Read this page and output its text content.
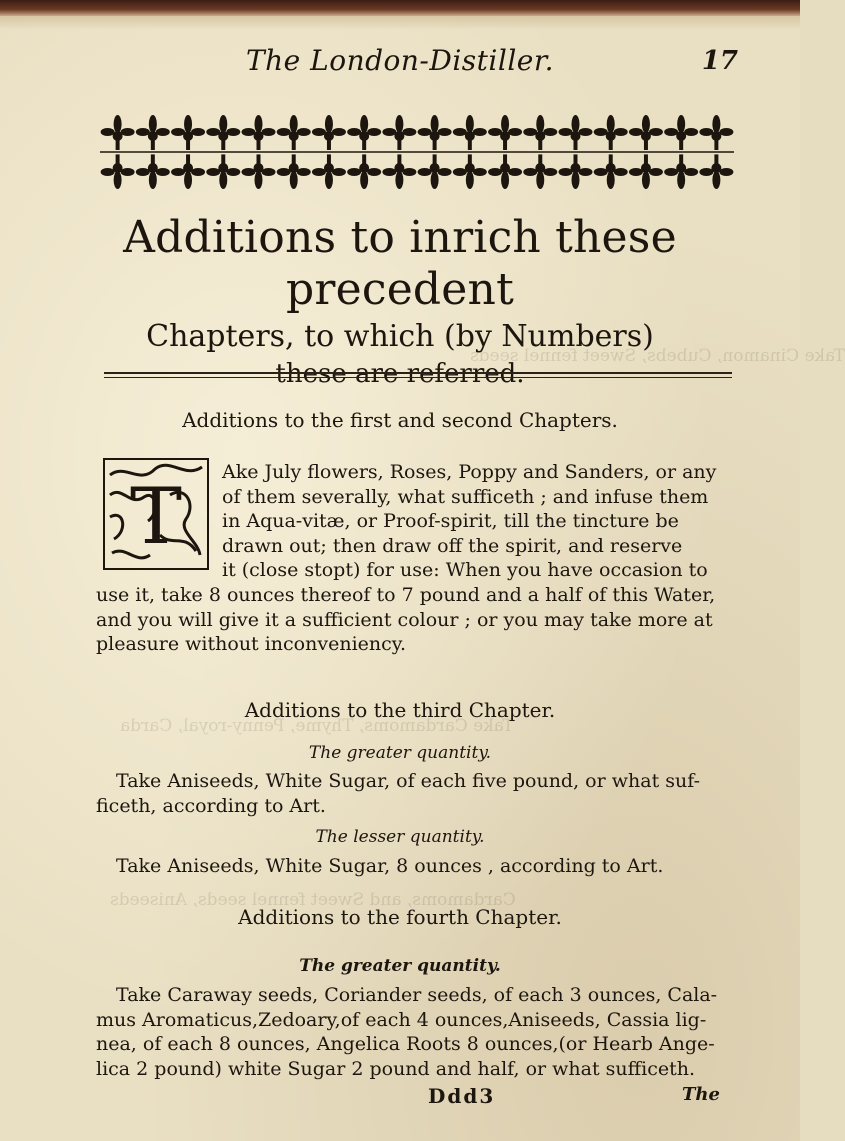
Take Cinamon, Cubebs, Sweet fennel seeds
Take Cardamoms, Thyme, Penny-royal, Carda
Cardamoms, and Sweet fennel seeds, Aniseeds
The London-Distiller.	17
Additions to inrich these precedent
Chapters, to which (by Numbers)
these are referred.
Additions to the first and second Chapters.
T Ake July flowers, Roses, Poppy and Sanders, or any
of them severally, what sufficeth ; and infuse them
in Aqua-vitæ, or Proof-spirit, till the tincture be
drawn out; then draw off the spirit, and reserve
it (close stopt) for use: When you have occasion to
use it, take 8 ounces thereof to 7 pound and a half of this Water,
and you will give it a sufficient colour ; or you may take more at
pleasure without inconveniency.
Additions to the third Chapter.
The greater quantity.
Take Aniseeds, White Sugar, of each five pound, or what suf-
ficeth, according to Art.
The lesser quantity.
Take Aniseeds, White Sugar, 8 ounces , according to Art.
Additions to the fourth Chapter.
The greater quantity.
Take Caraway seeds, Coriander seeds, of each 3 ounces, Cala-
mus Aromaticus,Zedoary,of each 4 ounces,Aniseeds, Cassia lig-
nea, of each 8 ounces, Angelica Roots 8 ounces,(or Hearb Ange-
lica 2 pound) white Sugar 2 pound and half, or what sufficeth.
Ddd3	The
